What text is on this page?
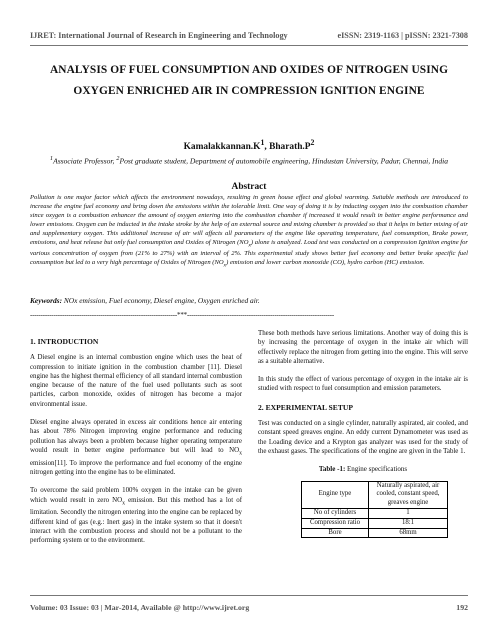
IJRET: International Journal of Research in Engineering and Technology	eISSN: 2319-1163 | pISSN: 2321-7308
ANALYSIS OF FUEL CONSUMPTION AND OXIDES OF NITROGEN USING OXYGEN ENRICHED AIR IN COMPRESSION IGNITION ENGINE
$Kamalakkannan.K^1$, $Bharath.P^2$
$^1$Associate Professor, $^2$Post graduate student, Department of automobile engineering, Hindustan University, Padur, Chennai, India
Abstract
Pollution is one major factor which affects the environment nowadays, resulting in green house effect and global warming. Suitable methods are introduced to increase the engine fuel economy and bring down the emissions within the tolerable limit. One way of doing it is by inducting oxygen into the combustion chamber since oxygen is a combustion enhancer the amount of oxygen entering into the combustion chamber if increased it would result in better engine performance and lower emissions. Oxygen can be inducted in the intake stroke by the help of an external source and mixing chamber is provided so that it helps in better mixing of air and supplementary oxygen. This additional increase of air will affects all parameters of the engine like operating temperature, fuel consumption, Brake power, emissions, and heat release but only fuel consumption and Oxides of Nitrogen $(NO_x)$ alone is analyzed. Load test was conducted on a compression Ignition engine for various concentration of oxygen from (21% to 27%) with an interval of 2%. This experimental study shows better fuel economy and better brake specific fuel consumption but led to a very high percentage of Oxides of Nitrogen $(NO_x)$ emission and lower carbon monoxide (CO), hydro carbon (HC) emission.
Keywords: NOx emission, Fuel economy, Diesel engine, Oxygen enriched air.
---------------------------------------------------------------------***---------------------------------------------------------------------
1. INTRODUCTION

A Diesel engine is an internal combustion engine which uses the heat of compression to initiate ignition in the combustion chamber [11]. Diesel engine has the highest thermal efficiency of all standard internal combustion engine because of the nature of the fuel used pollutants such as soot particles, carbon monoxide, oxides of nitrogen has become a major environmental issue.

Diesel engine always operated in excess air conditions hence air entering has about 78% Nitrogen improving engine performance and reducing pollution has always been a problem because higher operating temperature would result in better engine performance but will lead to $NO_x$ emission[11]. To improve the performance and fuel economy of the engine nitrogen getting into the engine has to be eliminated.

To overcome the said problem 100% oxygen in the intake can be given which would result in zero $NO_x$ emission. But this method has a lot of limitation. Secondly the nitrogen entering into the engine can be replaced by different kind of gas (e.g.: Inert gas) in the intake system so that it doesn't interact with the combustion process and should not be a pollutant to the performing system or to the environment.

These both methods have serious limitations. Another way of doing this is by increasing the percentage of oxygen in the intake air which will effectively replace the nitrogen from getting into the engine. This will serve as a suitable alternative.

In this study the effect of various percentage of oxygen in the intake air is studied with respect to fuel consumption and emission parameters.

2. EXPERIMENTAL SETUP

Test was conducted on a single cylinder, naturally aspirated, air cooled, and constant speed greaves engine. An eddy current Dynamometer was used as the Loading device and a Krypton gas analyzer was used for the study of the exhaust gases. The specifications of the engine are given in the Table 1.

Table -1: Engine specifications
Engine type	Naturally aspirated, air cooled, constant speed, greaves engine
No of cylinders	1
Compression ratio	18:1
Bore	68mm
Volume: 03 Issue: 03 | Mar-2014, Available @ http://www.ijret.org	192
